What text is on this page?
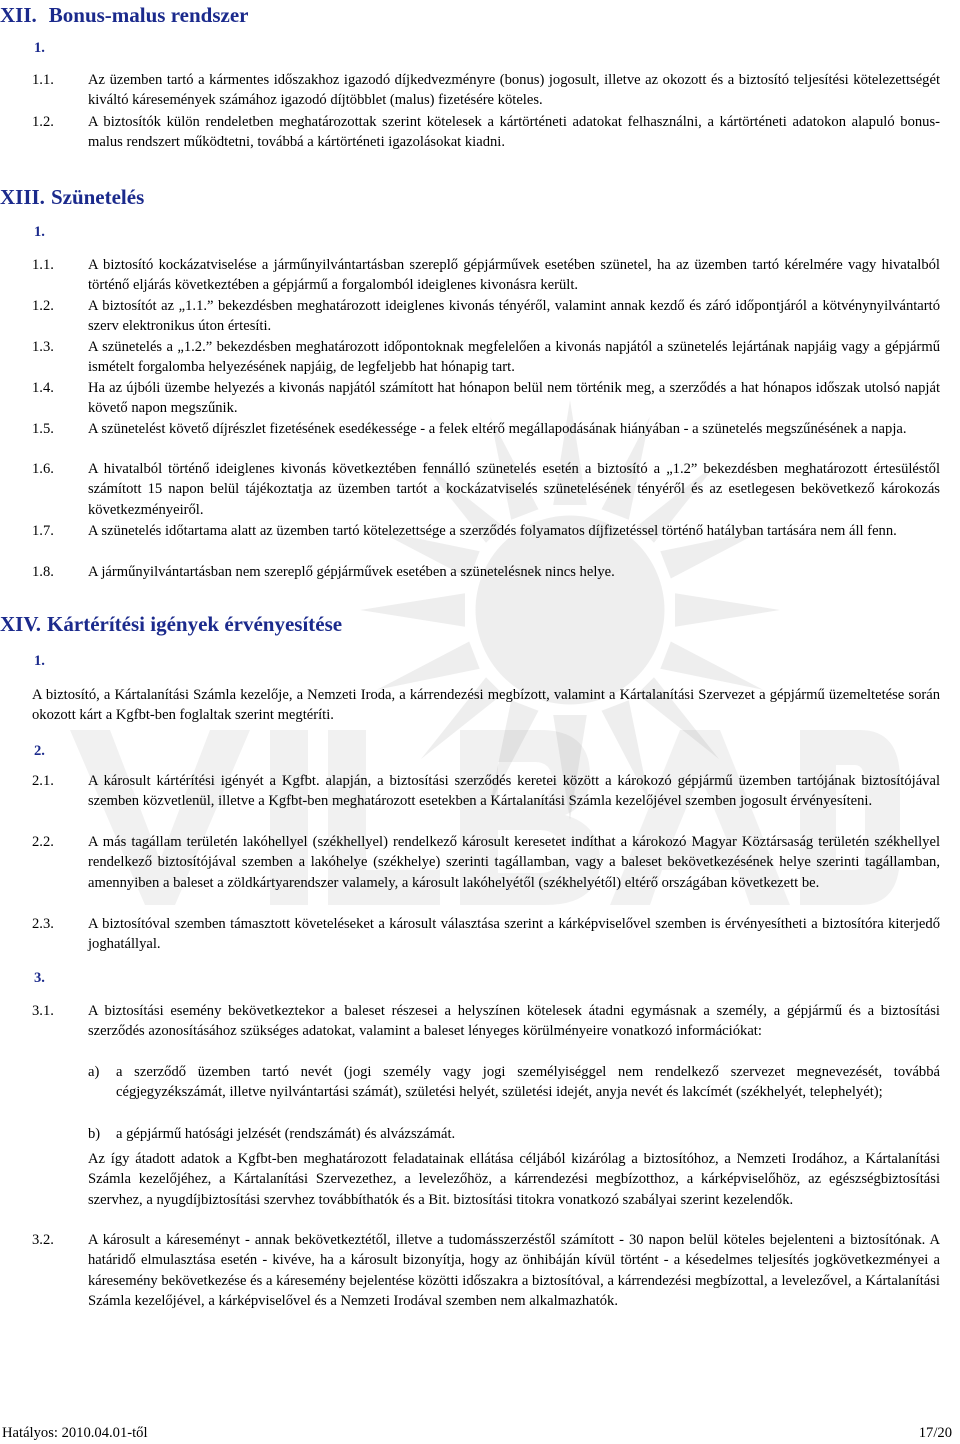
XII. Bonus-malus rendszer
1.
1.1. Az üzemben tartó a kármentes időszakhoz igazodó díjkedvezményre (bonus) jogosult, illetve az okozott és a biztosító teljesítési kötelezettségét kiváltó káresemények számához igazodó díjtöbblet (malus) fizetésére köteles.
1.2. A biztosítók külön rendeletben meghatározottak szerint kötelesek a kártörténeti adatokat felhasználni, a kártörténeti adatokon alapuló bonus-malus rendszert működtetni, továbbá a kártörténeti igazolásokat kiadni.
XIII. Szünetelés
1.
1.1. A biztosító kockázatviselése a járműnyilvántartásban szereplő gépjárművek esetében szünetel, ha az üzemben tartó kérelmére vagy hivatalból történő eljárás következtében a gépjármű a forgalomból ideiglenes kivonásra került.
1.2. A biztosítót az „1.1.” bekezdésben meghatározott ideiglenes kivonás tényéről, valamint annak kezdő és záró időpontjáról a kötvénynyilvántartó szerv elektronikus úton értesíti.
1.3. A szünetelés a „1.2.” bekezdésben meghatározott időpontoknak megfelelően a kivonás napjától a szünetelés lejártának napjáig vagy a gépjármű ismételt forgalomba helyezésének napjáig, de legfeljebb hat hónapig tart.
1.4. Ha az újbóli üzembe helyezés a kivonás napjától számított hat hónapon belül nem történik meg, a szerződés a hat hónapos időszak utolsó napját követő napon megszűnik.
1.5. A szünetelést követő díjrészlet fizetésének esedékessége - a felek eltérő megállapodásának hiányában - a szünetelés megszűnésének a napja.
1.6. A hivatalból történő ideiglenes kivonás következtében fennálló szünetelés esetén a biztosító a „1.2” bekezdésben meghatározott értesüléstől számított 15 napon belül tájékoztatja az üzemben tartót a kockázatviselés szünetelésének tényéről és az esetlegesen bekövetkező károkozás következményeiről.
1.7. A szünetelés időtartama alatt az üzemben tartó kötelezettsége a szerződés folyamatos díjfizetéssel történő hatályban tartására nem áll fenn.
1.8. A járműnyilvántartásban nem szereplő gépjárművek esetében a szünetelésnek nincs helye.
XIV. Kártérítési igények érvényesítése
1.
A biztosító, a Kártalanítási Számla kezelője, a Nemzeti Iroda, a kárrendezési megbízott, valamint a Kártalanítási Szervezet a gépjármű üzemeltetése során okozott kárt a Kgfbt-ben foglaltak szerint megtéríti.
2.
2.1. A károsult kártérítési igényét a Kgfbt. alapján, a biztosítási szerződés keretei között a károkozó gépjármű üzemben tartójának biztosítójával szemben közvetlenül, illetve a Kgfbt-ben meghatározott esetekben a Kártalanítási Számla kezelőjével szemben jogosult érvényesíteni.
2.2. A más tagállam területén lakóhellyel (székhellyel) rendelkező károsult keresetet indíthat a károkozó Magyar Köztársaság területén székhellyel rendelkező biztosítójával szemben a lakóhelye (székhelye) szerinti tagállamban, vagy a baleset bekövetkezésének helye szerinti tagállamban, amennyiben a baleset a zöldkártyarendszer valamely, a károsult lakóhelyétől (székhelyétől) eltérő országában következett be.
2.3. A biztosítóval szemben támasztott követeléseket a károsult választása szerint a kárképviselővel szemben is érvényesítheti a biztosítóra kiterjedő joghatállyal.
3.
3.1. A biztosítási esemény bekövetkeztekor a baleset részesei a helyszínen kötelesek átadni egymásnak a személy, a gépjármű és a biztosítási szerződés azonosításához szükséges adatokat, valamint a baleset lényeges körülményeire vonatkozó információkat:
a) a szerződő üzemben tartó nevét (jogi személy vagy jogi személyiséggel nem rendelkező szervezet megnevezését, továbbá cégjegyzékszámát, illetve nyilvántartási számát), születési helyét, születési idejét, anyja nevét és lakcímét (székhelyét, telephelyét);
b) a gépjármű hatósági jelzését (rendszámát) és alvázszámát.
Az így átadott adatok a Kgfbt-ben meghatározott feladatainak ellátása céljából kizárólag a biztosítóhoz, a Nemzeti Irodához, a Kártalanítási Számla kezelőjéhez, a Kártalanítási Szervezethez, a levelezőhöz, a kárrendezési megbízotthoz, a kárképviselőhöz, az egészségbiztosítási szervhez, a nyugdíjbiztosítási szervhez továbbíthatók és a Bit. biztosítási titokra vonatkozó szabályai szerint kezelendők.
3.2. A károsult a káreseményt - annak bekövetkeztétől, illetve a tudomásszerzéstől számított - 30 napon belül köteles bejelenteni a biztosítónak. A határidő elmulasztása esetén - kivéve, ha a károsult bizonyítja, hogy az önhibáján kívül történt - a késedelmes teljesítés jogkövetkezményei a káresemény bekövetkezése és a káresemény bejelentése közötti időszakra a biztosítóval, a kárrendezési megbízottal, a levelezővel, a Kártalanítási Számla kezelőjével, a kárképviselővel és a Nemzeti Irodával szemben nem alkalmazhatók.
Hatályos: 2010.04.01-től	17/20
